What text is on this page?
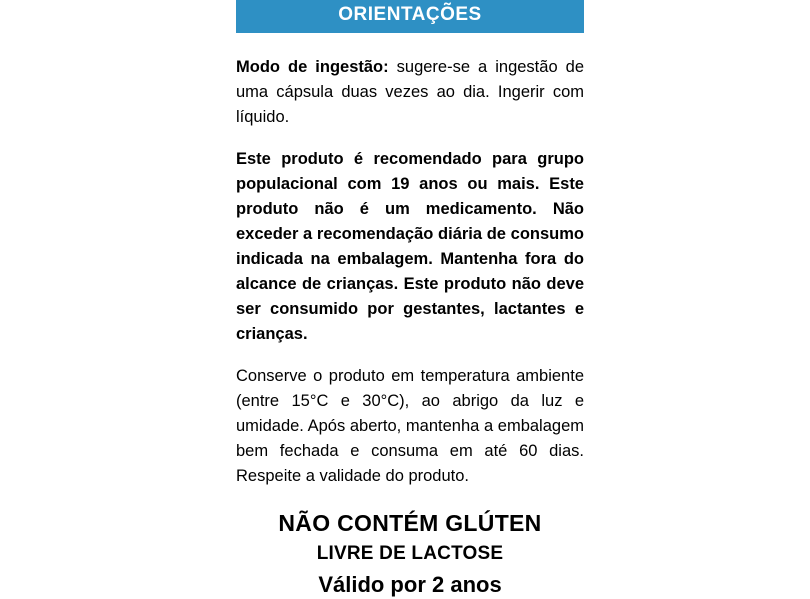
ORIENTAÇÕES

Modo de ingestão: sugere-se a ingestão de uma cápsula duas vezes ao dia. Ingerir com líquido.

Este produto é recomendado para grupo populacional com 19 anos ou mais. Este produto não é um medicamento. Não exceder a recomendação diária de consumo indicada na embalagem. Mantenha fora do alcance de crianças. Este produto não deve ser consumido por gestantes, lactantes e crianças.

Conserve o produto em temperatura ambiente (entre 15°C e 30°C), ao abrigo da luz e umidade. Após aberto, mantenha a embalagem bem fechada e consuma em até 60 dias. Respeite a validade do produto.

NÃO CONTÉM GLÚTEN
LIVRE DE LACTOSE
Válido por 2 anos
